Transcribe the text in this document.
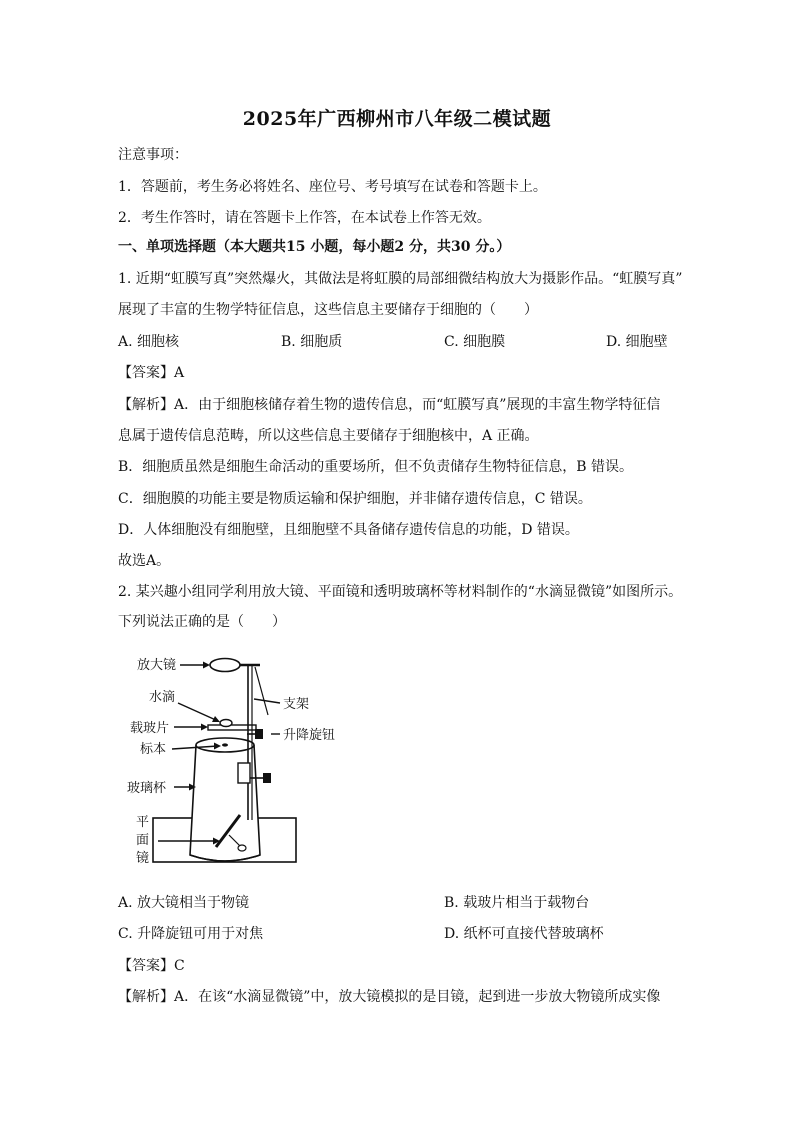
2025年广西柳州市八年级二模试题
注意事项：
1．答题前，考生务必将姓名、座位号、考号填写在试卷和答题卡上。
2．考生作答时，请在答题卡上作答，在本试卷上作答无效。
一、单项选择题（本大题共15 小题，每小题2 分，共30 分。）
1. 近期“虹膜写真”突然爆火，其做法是将虹膜的局部细微结构放大为摄影作品。“虹膜写真”
展现了丰富的生物学特征信息，这些信息主要储存于细胞的（　　）
A. 细胞核	B. 细胞质	C. 细胞膜	D. 细胞壁
【答案】A
【解析】A．由于细胞核储存着生物的遗传信息，而“虹膜写真”展现的丰富生物学特征信
息属于遗传信息范畴，所以这些信息主要储存于细胞核中，A 正确。
B．细胞质虽然是细胞生命活动的重要场所，但不负责储存生物特征信息，B 错误。
C．细胞膜的功能主要是物质运输和保护细胞，并非储存遗传信息，C 错误。
D．人体细胞没有细胞壁，且细胞壁不具备储存遗传信息的功能，D 错误。
故选A。
2. 某兴趣小组同学利用放大镜、平面镜和透明玻璃杯等材料制作的“水滴显微镜”如图所示。
下列说法正确的是（　　）
放大镜
水滴
载玻片
标本
玻璃杯
平
面
镜
支架
升降旋钮
A. 放大镜相当于物镜	B. 载玻片相当于载物台
C. 升降旋钮可用于对焦	D. 纸杯可直接代替玻璃杯
【答案】C
【解析】A．在该“水滴显微镜”中，放大镜模拟的是目镜，起到进一步放大物镜所成实像
